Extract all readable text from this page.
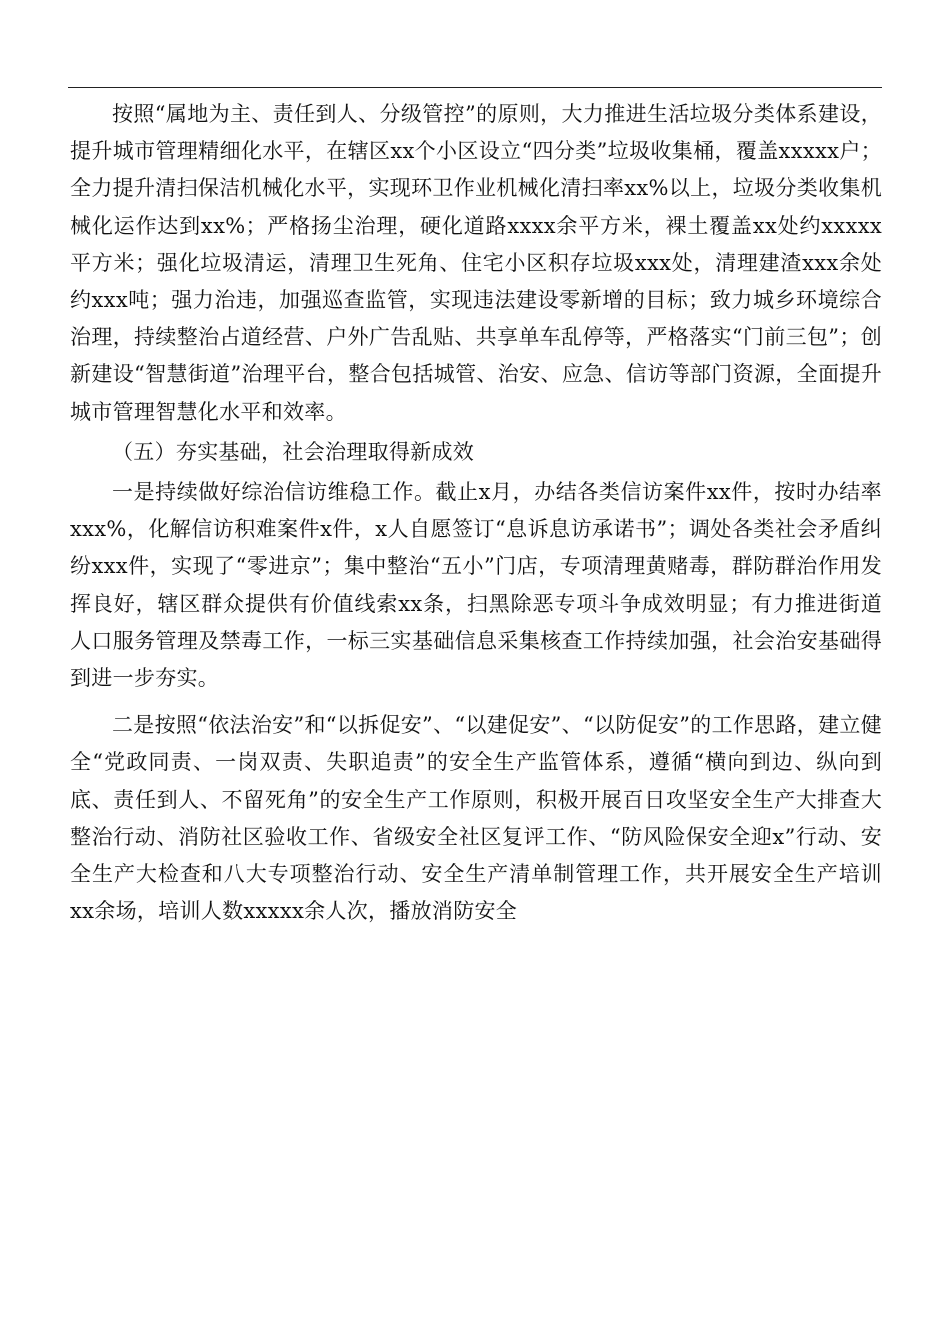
按照“属地为主、责任到人、分级管控”的原则，大力推进生活垃圾分类体系建设，提升城市管理精细化水平，在辖区xx个小区设立“四分类”垃圾收集桶，覆盖xxxxx户；全力提升清扫保洁机械化水平，实现环卫作业机械化清扫率xx%以上，垃圾分类收集机械化运作达到xx%；严格扬尘治理，硬化道路xxxx余平方米，裸土覆盖xx处约xxxxx平方米；强化垃圾清运，清理卫生死角、住宅小区积存垃圾xxx处，清理建渣xxx余处约xxx吨；强力治违，加强巡查监管，实现违法建设零新增的目标；致力城乡环境综合治理，持续整治占道经营、户外广告乱贴、共享单车乱停等，严格落实“门前三包”；创新建设“智慧街道”治理平台，整合包括城管、治安、应急、信访等部门资源，全面提升城市管理智慧化水平和效率。

（五）夯实基础，社会治理取得新成效

一是持续做好综治信访维稳工作。截止x月，办结各类信访案件xx件，按时办结率xxx%，化解信访积难案件x件，x人自愿签订“息诉息访承诺书”；调处各类社会矛盾纠纷xxx件，实现了“零进京”；集中整治“五小”门店，专项清理黄赌毒，群防群治作用发挥良好，辖区群众提供有价值线索xx条，扫黑除恶专项斗争成效明显；有力推进街道人口服务管理及禁毒工作，一标三实基础信息采集核查工作持续加强，社会治安基础得到进一步夯实。

二是按照“依法治安”和“以拆促安”、“以建促安”、“以防促安”的工作思路，建立健全“党政同责、一岗双责、失职追责”的安全生产监管体系，遵循“横向到边、纵向到底、责任到人、不留死角”的安全生产工作原则，积极开展百日攻坚安全生产大排查大整治行动、消防社区验收工作、省级安全社区复评工作、“防风险保安全迎x”行动、安全生产大检查和八大专项整治行动、安全生产清单制管理工作，共开展安全生产培训xx余场，培训人数xxxxx余人次，播放消防安全
